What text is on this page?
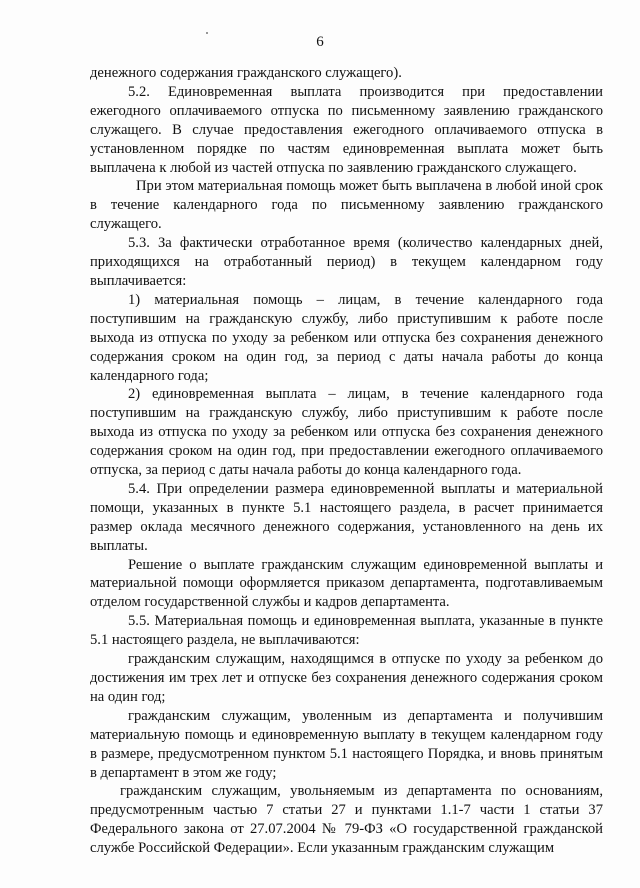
6

денежного содержания гражданского служащего).

5.2. Единовременная выплата производится при предоставлении ежегодного оплачиваемого отпуска по письменному заявлению гражданского служащего. В случае предоставления ежегодного оплачиваемого отпуска в установленном порядке по частям единовременная выплата может быть выплачена к любой из частей отпуска по заявлению гражданского служащего.

При этом материальная помощь может быть выплачена в любой иной срок в течение календарного года по письменному заявлению гражданского служащего.

5.3. За фактически отработанное время (количество календарных дней, приходящихся на отработанный период) в текущем календарном году выплачивается:

1) материальная помощь – лицам, в течение календарного года поступившим на гражданскую службу, либо приступившим к работе после выхода из отпуска по уходу за ребенком или отпуска без сохранения денежного содержания сроком на один год, за период с даты начала работы до конца календарного года;

2) единовременная выплата – лицам, в течение календарного года поступившим на гражданскую службу, либо приступившим к работе после выхода из отпуска по уходу за ребенком или отпуска без сохранения денежного содержания сроком на один год, при предоставлении ежегодного оплачиваемого отпуска, за период с даты начала работы до конца календарного года.

5.4. При определении размера единовременной выплаты и материальной помощи, указанных в пункте 5.1 настоящего раздела, в расчет принимается размер оклада месячного денежного содержания, установленного на день их выплаты.

Решение о выплате гражданским служащим единовременной выплаты и материальной помощи оформляется приказом департамента, подготавливаемым отделом государственной службы и кадров департамента.

5.5. Материальная помощь и единовременная выплата, указанные в пункте 5.1 настоящего раздела, не выплачиваются:

гражданским служащим, находящимся в отпуске по уходу за ребенком до достижения им трех лет и отпуске без сохранения денежного содержания сроком на один год;

гражданским служащим, уволенным из департамента и получившим материальную помощь и единовременную выплату в текущем календарном году в размере, предусмотренном пунктом 5.1 настоящего Порядка, и вновь принятым в департамент в этом же году;

гражданским служащим, увольняемым из департамента по основаниям, предусмотренным частью 7 статьи 27 и пунктами 1.1-7 части 1 статьи 37 Федерального закона от 27.07.2004 № 79-ФЗ «О государственной гражданской службе Российской Федерации». Если указанным гражданским служащим
